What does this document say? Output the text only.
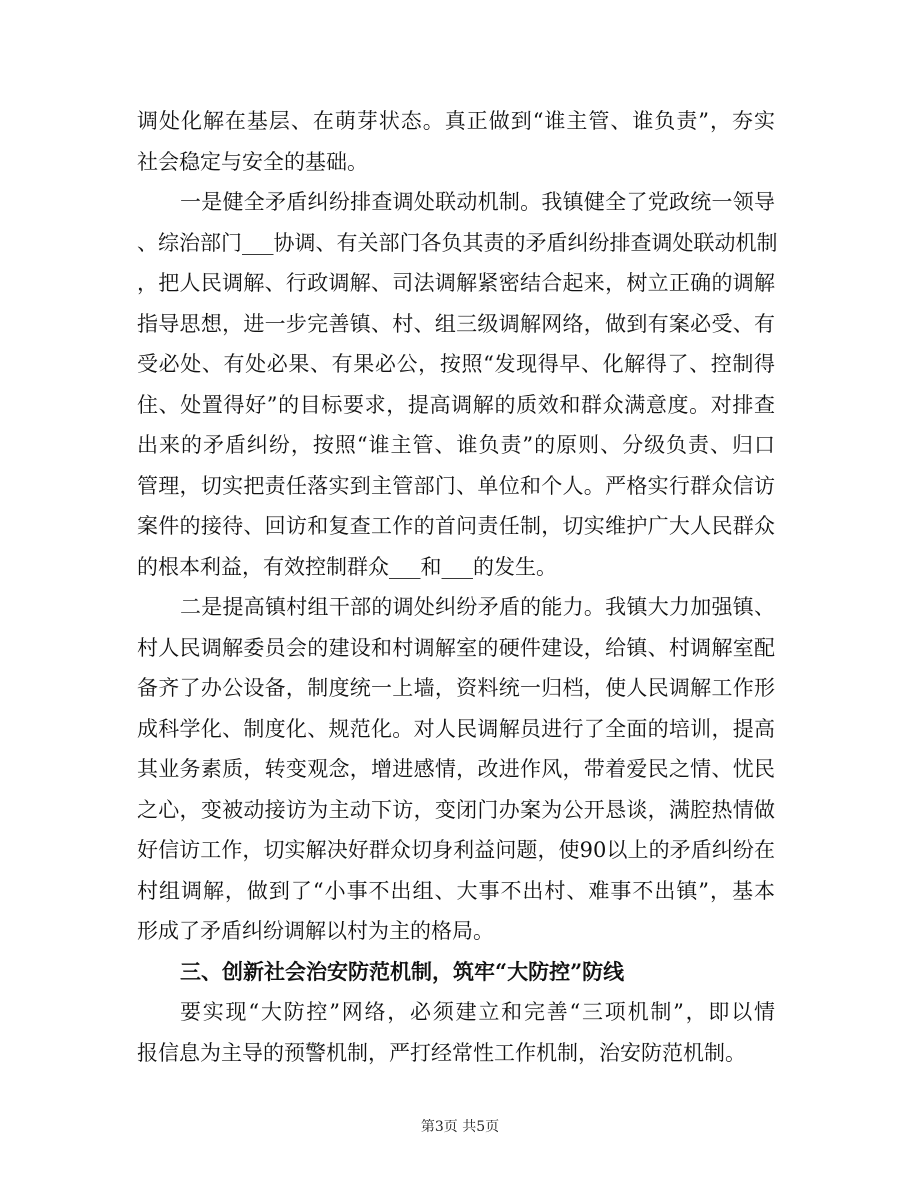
调处化解在基层、在萌芽状态。真正做到“谁主管、谁负责”，夯实
社会稳定与安全的基础。
一是健全矛盾纠纷排查调处联动机制。我镇健全了党政统一领导
、综治部门___协调、有关部门各负其责的矛盾纠纷排查调处联动机制
，把人民调解、行政调解、司法调解紧密结合起来，树立正确的调解
指导思想，进一步完善镇、村、组三级调解网络，做到有案必受、有
受必处、有处必果、有果必公，按照“发现得早、化解得了、控制得
住、处置得好”的目标要求，提高调解的质效和群众满意度。对排查
出来的矛盾纠纷，按照“谁主管、谁负责”的原则、分级负责、归口
管理，切实把责任落实到主管部门、单位和个人。严格实行群众信访
案件的接待、回访和复查工作的首问责任制，切实维护广大人民群众
的根本利益，有效控制群众___和___的发生。
二是提高镇村组干部的调处纠纷矛盾的能力。我镇大力加强镇、
村人民调解委员会的建设和村调解室的硬件建设，给镇、村调解室配
备齐了办公设备，制度统一上墙，资料统一归档，使人民调解工作形
成科学化、制度化、规范化。对人民调解员进行了全面的培训，提高
其业务素质，转变观念，增进感情，改进作风，带着爱民之情、忧民
之心，变被动接访为主动下访，变闭门办案为公开恳谈，满腔热情做
好信访工作，切实解决好群众切身利益问题，使90以上的矛盾纠纷在
村组调解，做到了“小事不出组、大事不出村、难事不出镇”，基本
形成了矛盾纠纷调解以村为主的格局。
三、创新社会治安防范机制，筑牢“大防控”防线
要实现“大防控”网络，必须建立和完善“三项机制”，即以情
报信息为主导的预警机制，严打经常性工作机制，治安防范机制。
第3页 共5页
